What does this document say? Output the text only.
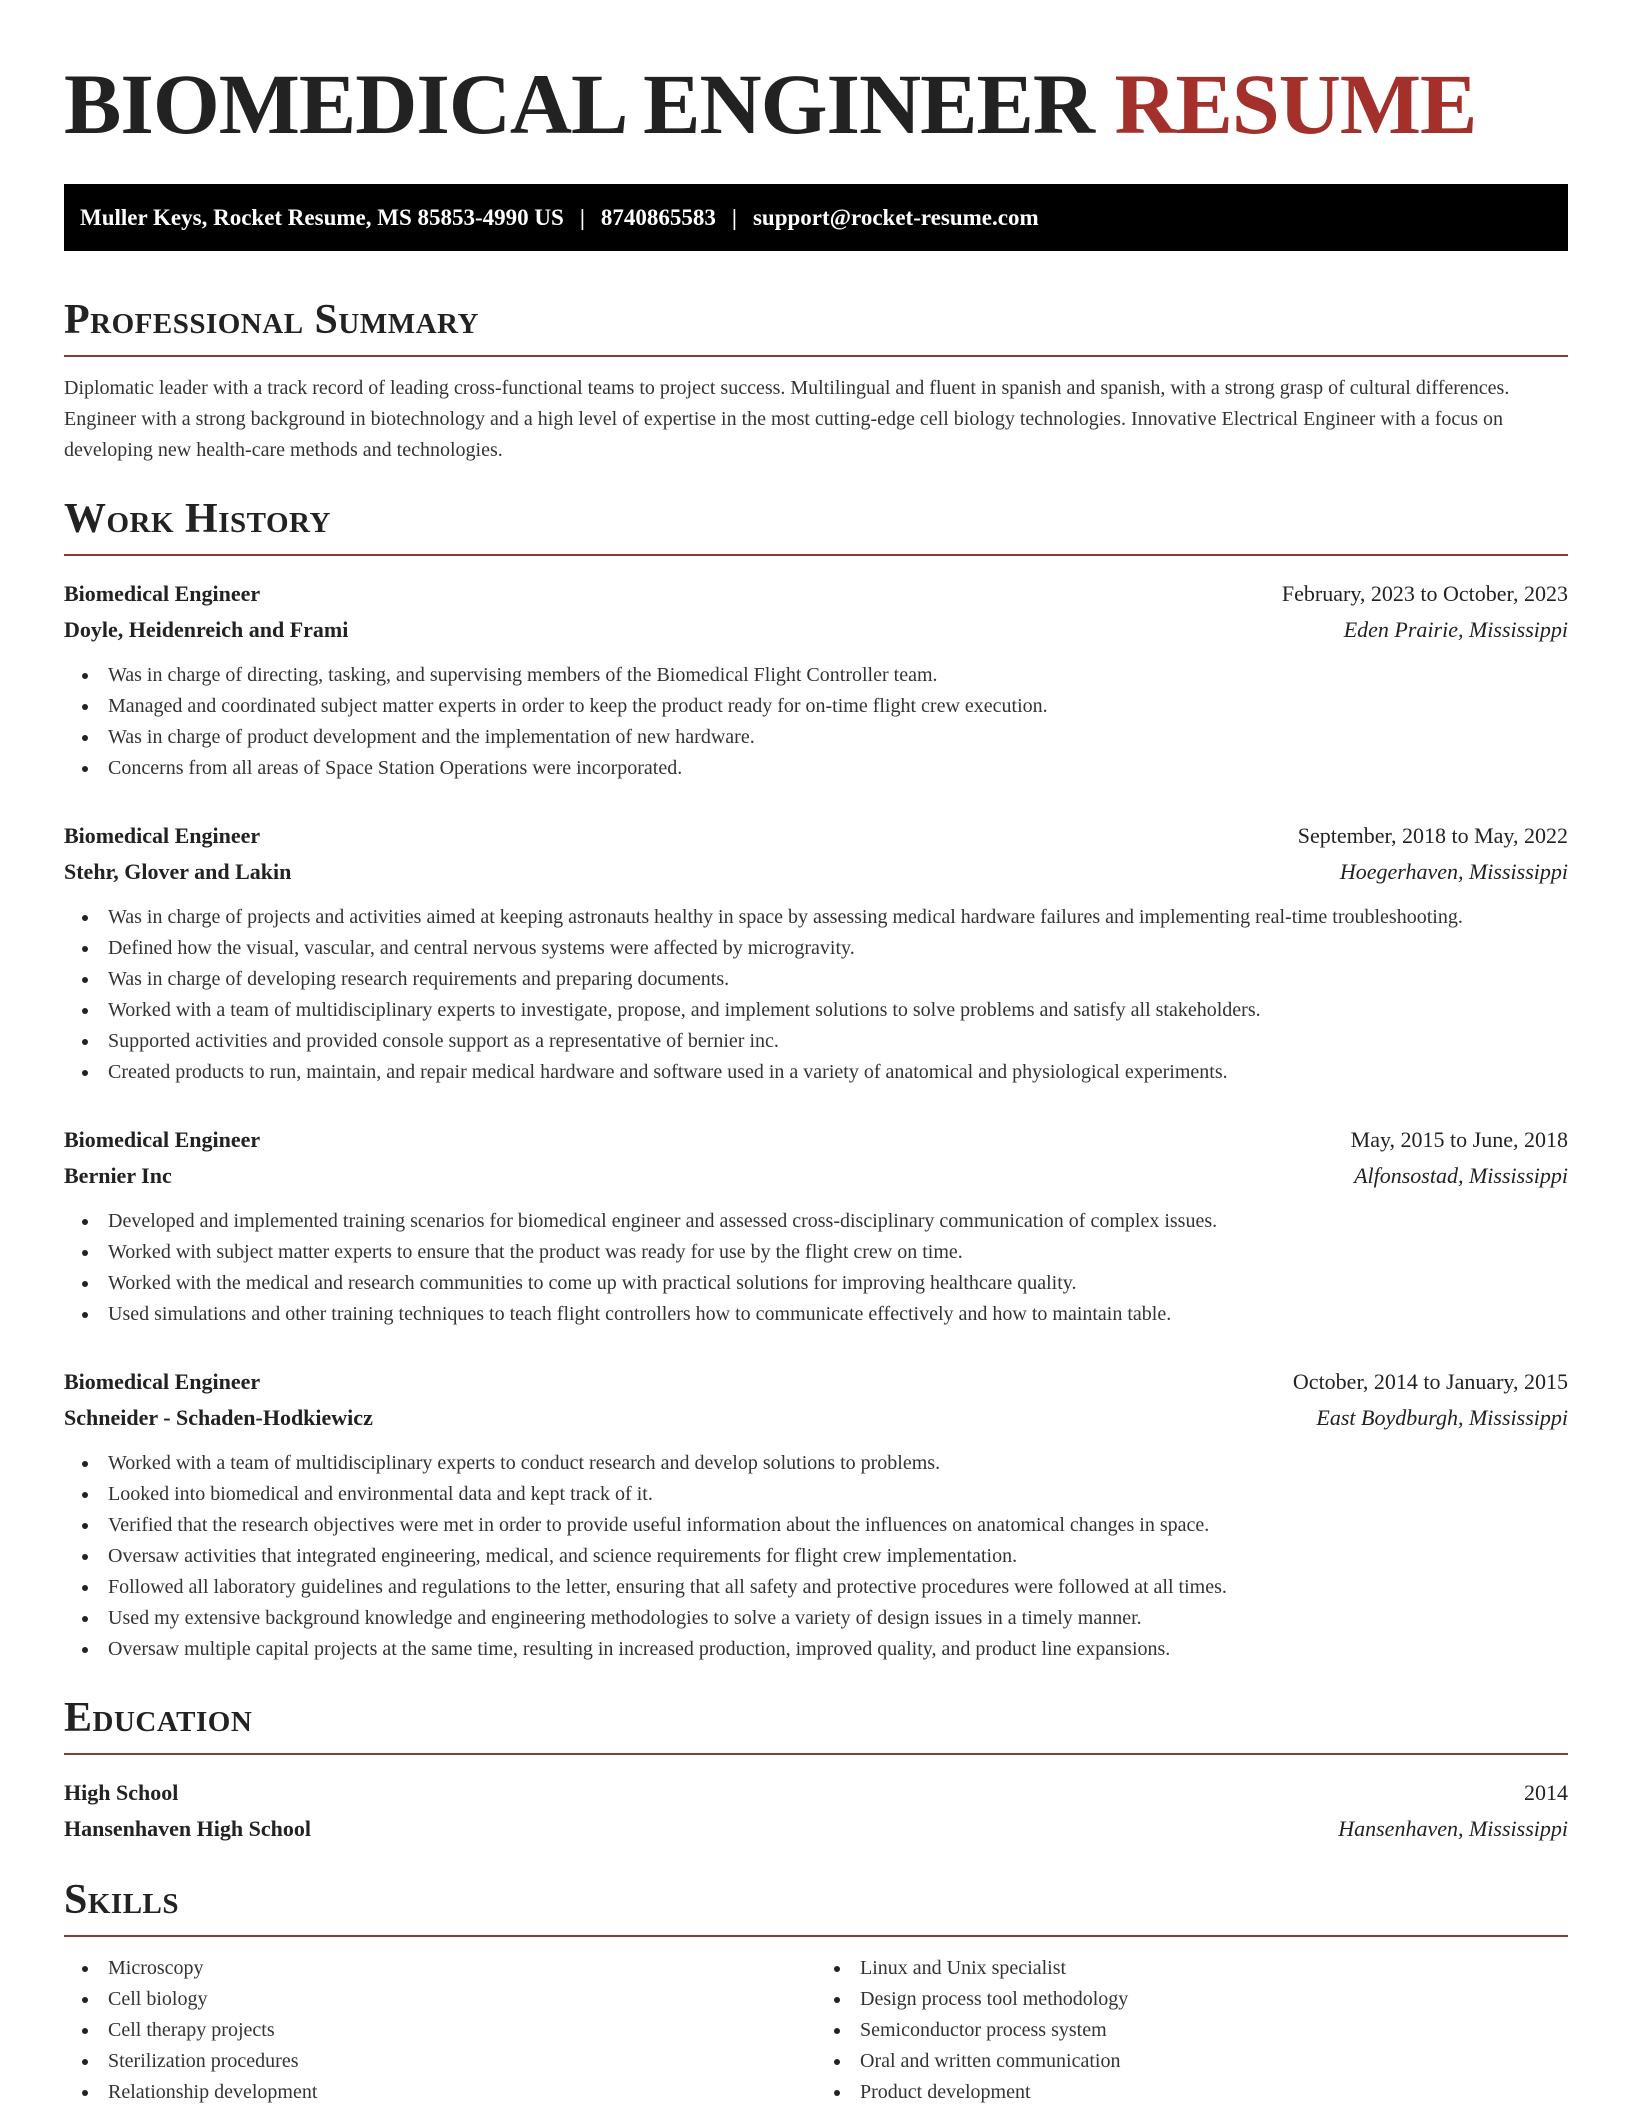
BIOMEDICAL ENGINEER RESUME
Muller Keys, Rocket Resume, MS 85853-4990 US | 8740865583 | support@rocket-resume.com
Professional Summary
Diplomatic leader with a track record of leading cross-functional teams to project success. Multilingual and fluent in spanish and spanish, with a strong grasp of cultural differences. Engineer with a strong background in biotechnology and a high level of expertise in the most cutting-edge cell biology technologies. Innovative Electrical Engineer with a focus on developing new health-care methods and technologies.
Work History
Biomedical Engineer	February, 2023 to October, 2023
Doyle, Heidenreich and Frami	Eden Prairie, Mississippi
Was in charge of directing, tasking, and supervising members of the Biomedical Flight Controller team.
Managed and coordinated subject matter experts in order to keep the product ready for on-time flight crew execution.
Was in charge of product development and the implementation of new hardware.
Concerns from all areas of Space Station Operations were incorporated.
Biomedical Engineer	September, 2018 to May, 2022
Stehr, Glover and Lakin	Hoegerhaven, Mississippi
Was in charge of projects and activities aimed at keeping astronauts healthy in space by assessing medical hardware failures and implementing real-time troubleshooting.
Defined how the visual, vascular, and central nervous systems were affected by microgravity.
Was in charge of developing research requirements and preparing documents.
Worked with a team of multidisciplinary experts to investigate, propose, and implement solutions to solve problems and satisfy all stakeholders.
Supported activities and provided console support as a representative of bernier inc.
Created products to run, maintain, and repair medical hardware and software used in a variety of anatomical and physiological experiments.
Biomedical Engineer	May, 2015 to June, 2018
Bernier Inc	Alfonsostad, Mississippi
Developed and implemented training scenarios for biomedical engineer and assessed cross-disciplinary communication of complex issues.
Worked with subject matter experts to ensure that the product was ready for use by the flight crew on time.
Worked with the medical and research communities to come up with practical solutions for improving healthcare quality.
Used simulations and other training techniques to teach flight controllers how to communicate effectively and how to maintain table.
Biomedical Engineer	October, 2014 to January, 2015
Schneider - Schaden-Hodkiewicz	East Boydburgh, Mississippi
Worked with a team of multidisciplinary experts to conduct research and develop solutions to problems.
Looked into biomedical and environmental data and kept track of it.
Verified that the research objectives were met in order to provide useful information about the influences on anatomical changes in space.
Oversaw activities that integrated engineering, medical, and science requirements for flight crew implementation.
Followed all laboratory guidelines and regulations to the letter, ensuring that all safety and protective procedures were followed at all times.
Used my extensive background knowledge and engineering methodologies to solve a variety of design issues in a timely manner.
Oversaw multiple capital projects at the same time, resulting in increased production, improved quality, and product line expansions.
Education
High School	2014
Hansenhaven High School	Hansenhaven, Mississippi
Skills
Microscopy
Cell biology
Cell therapy projects
Sterilization procedures
Relationship development
Linux and Unix specialist
Design process tool methodology
Semiconductor process system
Oral and written communication
Product development
